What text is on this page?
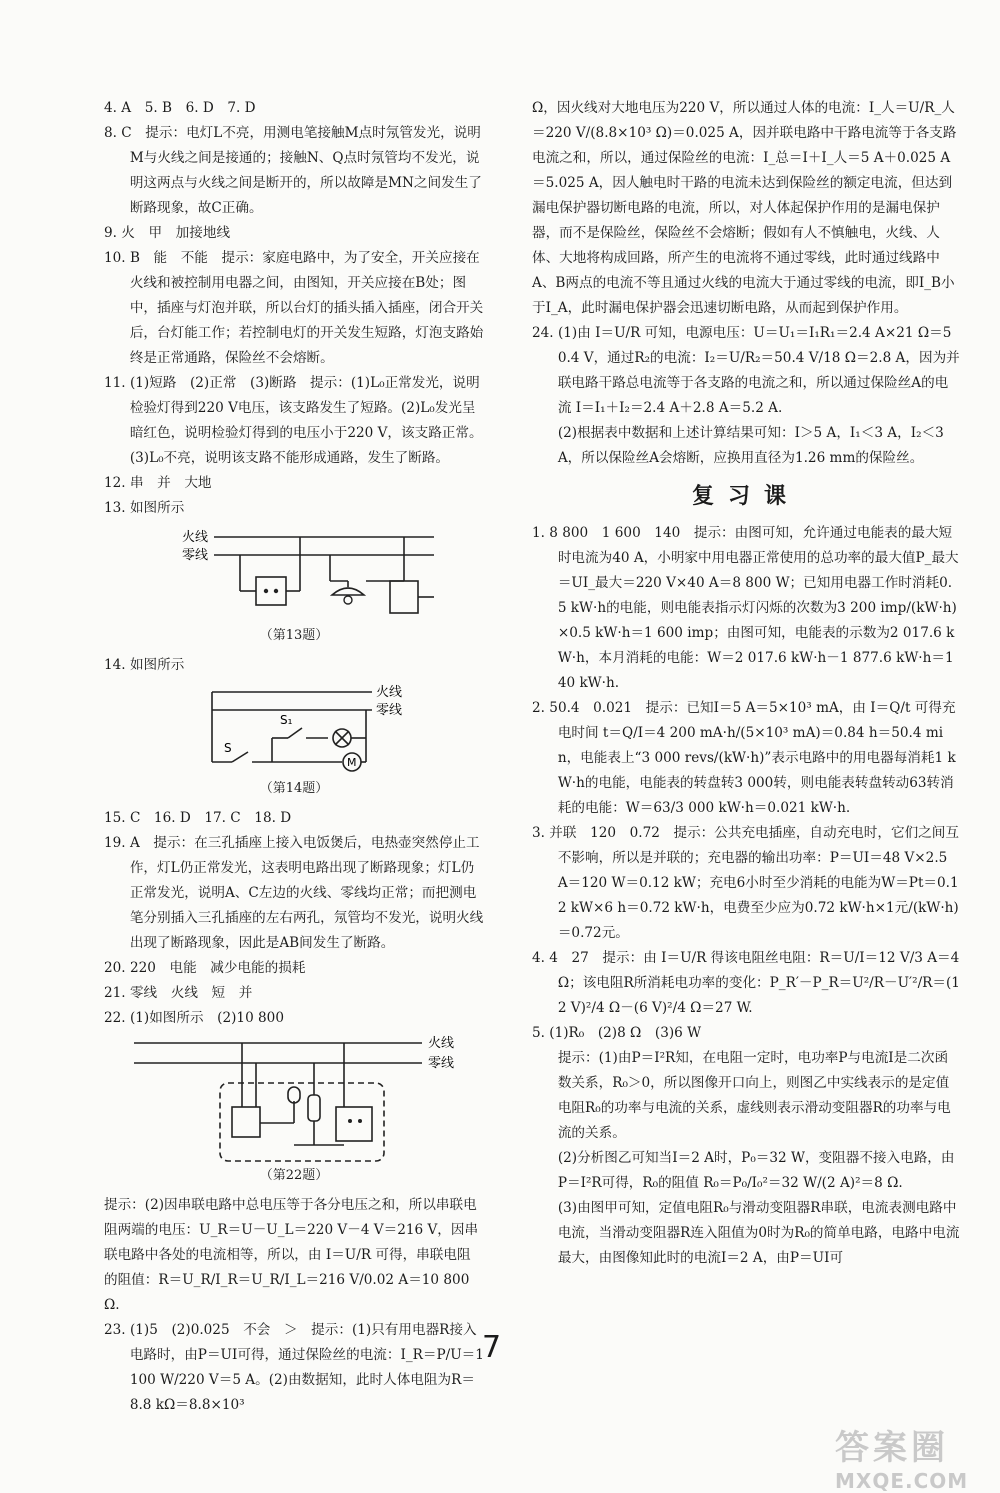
4. A　5. B　6. D　7. D

8. C　提示：电灯L不亮，用测电笔接触M点时氖管发光，说明M与火线之间是接通的；接触N、Q点时氖管均不发光，说明这两点与火线之间是断开的，所以故障是MN之间发生了断路现象，故C正确。

9. 火　甲　加接地线

10. B　能　不能　提示：家庭电路中，为了安全，开关应接在火线和被控制用电器之间，由图知，开关应接在B处；图中，插座与灯泡并联，所以台灯的插头插入插座，闭合开关后，台灯能工作；若控制电灯的开关发生短路，灯泡支路始终是正常通路，保险丝不会熔断。

11. (1)短路　(2)正常　(3)断路　提示：(1)L₀正常发光，说明检验灯得到220 V电压，该支路发生了短路。(2)L₀发光呈暗红色，说明检验灯得到的电压小于220 V，该支路正常。(3)L₀不亮，说明该支路不能形成通路，发生了断路。

12. 串　并　大地

13. 如图所示

火线
零线
（第13题）

14. 如图所示

火线
零线
S
S₁
M
（第14题）

15. C　16. D　17. C　18. D

19. A　提示：在三孔插座上接入电饭煲后，电热壶突然停止工作，灯L仍正常发光，这表明电路出现了断路现象；灯L仍正常发光，说明A、C左边的火线、零线均正常；而把测电笔分别插入三孔插座的左右两孔，氖管均不发光，说明火线出现了断路现象，因此是AB间发生了断路。

20. 220　电能　减少电能的损耗

21. 零线　火线　短　并

22. (1)如图所示　(2)10 800

火线
零线
（第22题）

提示：(2)因串联电路中总电压等于各分电压之和，所以串联电阻两端的电压：U_R＝U－U_L＝220 V－4 V＝216 V，因串联电路中各处的电流相等，所以，由 I＝U/R 可得，串联电阻的阻值：R＝U_R/I_R＝U_R/I_L＝216 V/0.02 A＝10 800 Ω.

23. (1)5　(2)0.025　不会　＞　提示：(1)只有用电器R接入电路时，由P＝UI可得，通过保险丝的电流：I_R＝P/U＝1 100 W/220 V＝5 A。(2)由数据知，此时人体电阻为R＝8.8 kΩ＝8.8×10³

Ω，因火线对大地电压为220 V，所以通过人体的电流：I_人＝U/R_人＝220 V/(8.8×10³ Ω)＝0.025 A，因并联电路中干路电流等于各支路电流之和，所以，通过保险丝的电流：I_总＝I＋I_人＝5 A＋0.025 A＝5.025 A，因人触电时干路的电流未达到保险丝的额定电流，但达到漏电保护器切断电路的电流，所以，对人体起保护作用的是漏电保护器，而不是保险丝，保险丝不会熔断；假如有人不慎触电，火线、人体、大地将构成回路，所产生的电流将不通过零线，此时通过线路中A、B两点的电流不等且通过火线的电流大于通过零线的电流，即I_B小于I_A，此时漏电保护器会迅速切断电路，从而起到保护作用。

24. (1)由 I＝U/R 可知，电源电压：U＝U₁＝I₁R₁＝2.4 A×21 Ω＝50.4 V，通过R₂的电流：I₂＝U/R₂＝50.4 V/18 Ω＝2.8 A，因为并联电路干路总电流等于各支路的电流之和，所以通过保险丝A的电流 I＝I₁＋I₂＝2.4 A＋2.8 A＝5.2 A.

(2)根据表中数据和上述计算结果可知：I＞5 A，I₁＜3 A，I₂＜3 A，所以保险丝A会熔断，应换用直径为1.26 mm的保险丝。

复习课

1. 8 800　1 600　140　提示：由图可知，允许通过电能表的最大短时电流为40 A，小明家中用电器正常使用的总功率的最大值P_最大＝UI_最大＝220 V×40 A＝8 800 W；已知用电器工作时消耗0.5 kW·h的电能，则电能表指示灯闪烁的次数为3 200 imp/(kW·h)×0.5 kW·h＝1 600 imp；由图可知，电能表的示数为2 017.6 kW·h，本月消耗的电能：W＝2 017.6 kW·h－1 877.6 kW·h＝140 kW·h.

2. 50.4　0.021　提示：已知I＝5 A＝5×10³ mA，由 I＝Q/t 可得充电时间 t＝Q/I＝4 200 mA·h/(5×10³ mA)＝0.84 h＝50.4 min，电能表上“3 000 revs/(kW·h)”表示电路中的用电器每消耗1 kW·h的电能，电能表的转盘转3 000转，则电能表转盘转动63转消耗的电能：W＝63/3 000 kW·h＝0.021 kW·h.

3. 并联　120　0.72　提示：公共充电插座，自动充电时，它们之间互不影响，所以是并联的；充电器的输出功率：P＝UI＝48 V×2.5 A＝120 W＝0.12 kW；充电6小时至少消耗的电能为W＝Pt＝0.12 kW×6 h＝0.72 kW·h，电费至少应为0.72 kW·h×1元/(kW·h)＝0.72元。

4. 4　27　提示：由 I＝U/R 得该电阻丝电阻：R＝U/I＝12 V/3 A＝4 Ω；该电阻R所消耗电功率的变化：P_R′－P_R＝U²/R－U′²/R＝(12 V)²/4 Ω－(6 V)²/4 Ω＝27 W.

5. (1)R₀　(2)8 Ω　(3)6 W

提示：(1)由P＝I²R知，在电阻一定时，电功率P与电流I是二次函数关系，R₀＞0，所以图像开口向上，则图乙中实线表示的是定值电阻R₀的功率与电流的关系，虚线则表示滑动变阻器R的功率与电流的关系。

(2)分析图乙可知当I＝2 A时，P₀＝32 W，变阻器不接入电路，由P＝I²R可得，R₀的阻值 R₀＝P₀/I₀²＝32 W/(2 A)²＝8 Ω.

(3)由图甲可知，定值电阻R₀与滑动变阻器R串联，电流表测电路中电流，当滑动变阻器R连入阻值为0时为R₀的简单电路，电路中电流最大，由图像知此时的电流I＝2 A，由P＝UI可

7
答案圈
MXQE.COM
